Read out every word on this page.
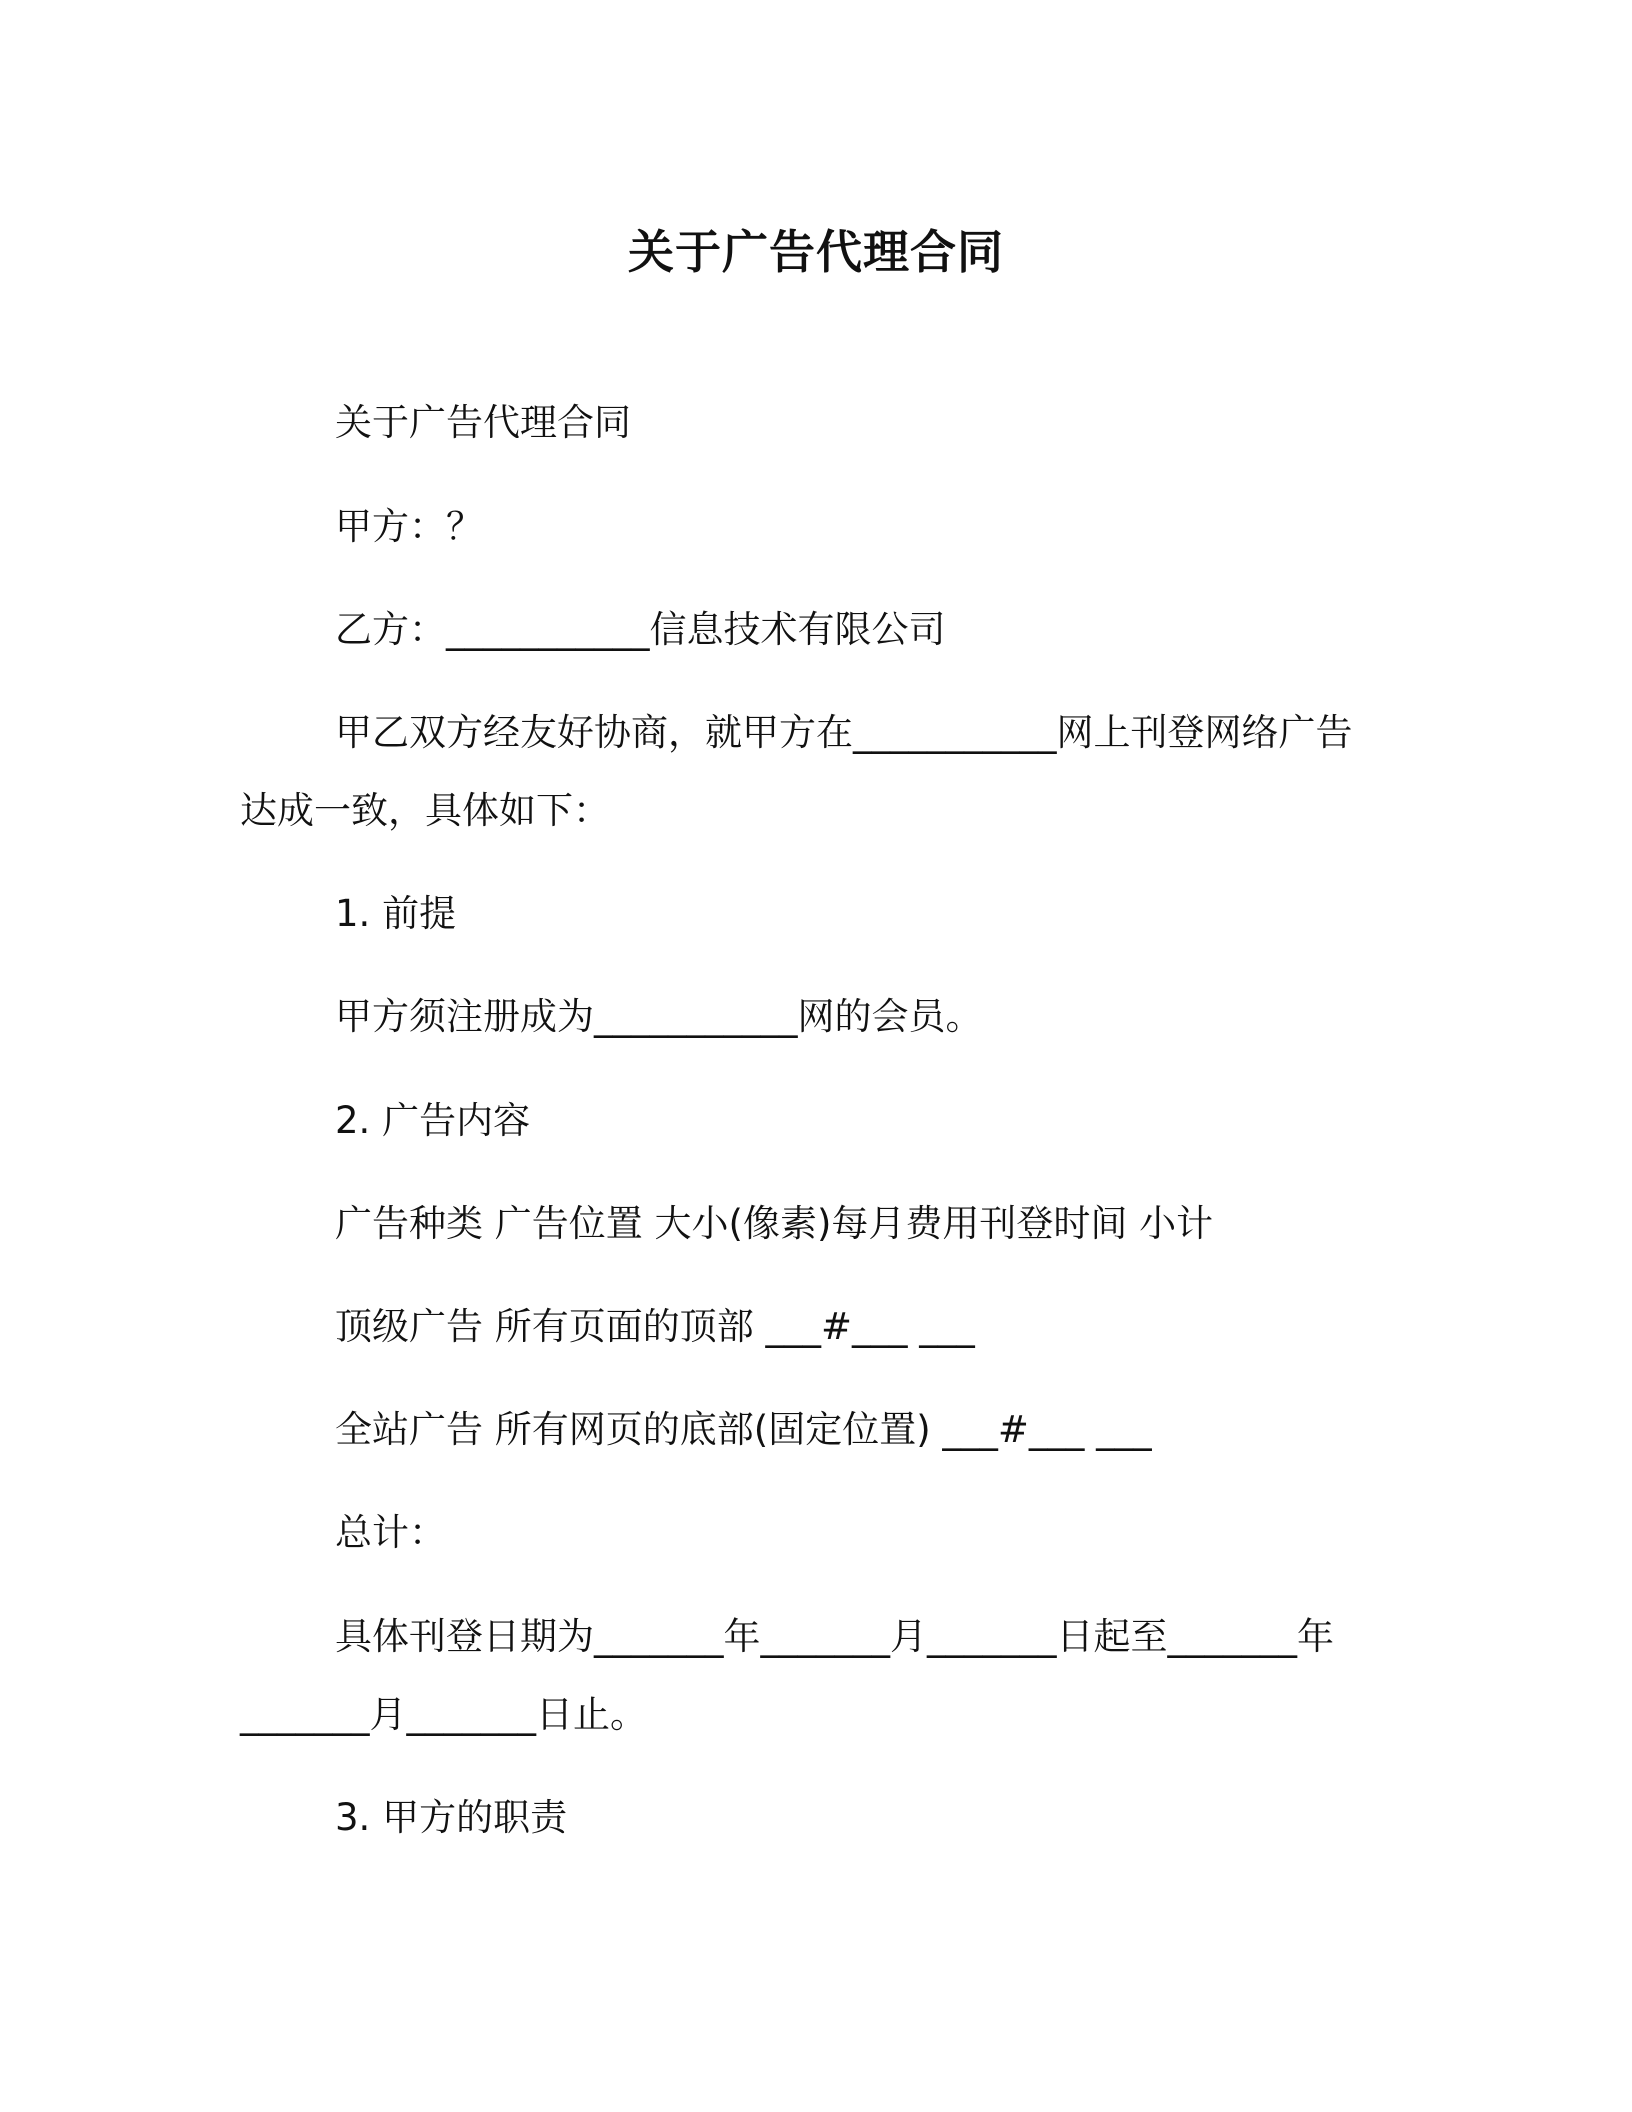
关于广告代理合同
关于广告代理合同
甲方：？
乙方：___________信息技术有限公司
甲乙双方经友好协商，就甲方在___________网上刊登网络广告
达成一致，具体如下：
1. 前提
甲方须注册成为___________网的会员。
2. 广告内容
广告种类 广告位置 大小(像素)每月费用刊登时间 小计
顶级广告 所有页面的顶部 ___#___ ___
全站广告 所有网页的底部(固定位置) ___#___ ___
总计：
具体刊登日期为_______年_______月_______日起至_______年
_______月_______日止。
3. 甲方的职责
